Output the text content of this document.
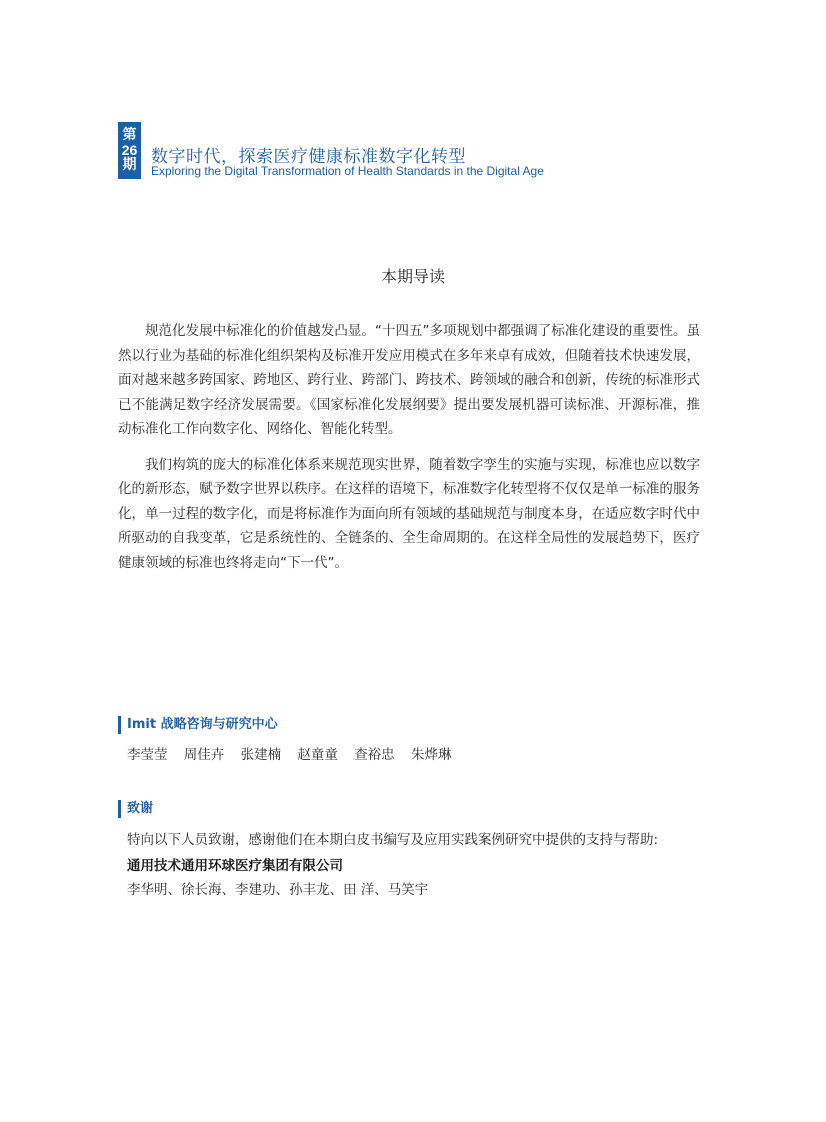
第
26
期 数字时代，探索医疗健康标准数字化转型
Exploring the Digital Transformation of Health Standards in the Digital Age
本期导读

规范化发展中标准化的价值越发凸显。“十四五”多项规划中都强调了标准化建设的重要性。虽然以行业为基础的标准化组织架构及标准开发应用模式在多年来卓有成效，但随着技术快速发展，面对越来越多跨国家、跨地区、跨行业、跨部门、跨技术、跨领域的融合和创新，传统的标准形式已不能满足数字经济发展需要。《国家标准化发展纲要》提出要发展机器可读标准、开源标准，推动标准化工作向数字化、网络化、智能化转型。

我们构筑的庞大的标准化体系来规范现实世界，随着数字孪生的实施与实现，标准也应以数字化的新形态，赋予数字世界以秩序。在这样的语境下，标准数字化转型将不仅仅是单一标准的服务化，单一过程的数字化，而是将标准作为面向所有领域的基础规范与制度本身，在适应数字时代中所驱动的自我变革，它是系统性的、全链条的、全生命周期的。在这样全局性的发展趋势下，医疗健康领域的标准也终将走向“下一代”。

Imit 战略咨询与研究中心
李莹莹 周佳卉 张建楠 赵童童 查裕忠 朱烨琳
致谢
特向以下人员致谢，感谢他们在本期白皮书编写及应用实践案例研究中提供的支持与帮助:
通用技术通用环球医疗集团有限公司
李华明、徐长海、李建功、孙丰龙、田 洋、马笑宇
